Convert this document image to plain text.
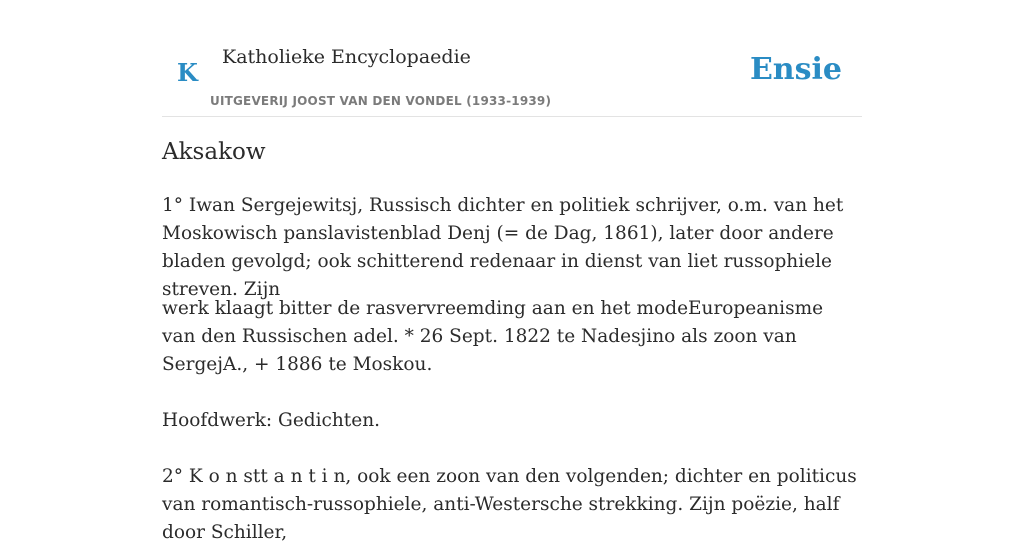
K
Katholieke Encyclopaedie
UITGEVERIJ JOOST VAN DEN VONDEL (1933-1939)
Ensie
Aksakow

1° Iwan Sergejewitsj, Russisch dichter en politiek schrijver, o.m. van het Moskowisch panslavistenblad Denj (= de Dag, 1861), later door andere bladen gevolgd; ook schitterend redenaar in dienst van liet russophiele streven. Zijn

werk klaagt bitter de rasvervreemding aan en het modeEuropeanisme van den Russischen adel. * 26 Sept. 1822 te Nadesjino als zoon van SergejA., + 1886 te Moskou.

Hoofdwerk: Gedichten.

2° K o n stt a n t i n, ook een zoon van den volgenden; dichter en politicus van romantisch-russophiele, anti-Westersche strekking. Zijn poëzie, half door Schiller,
